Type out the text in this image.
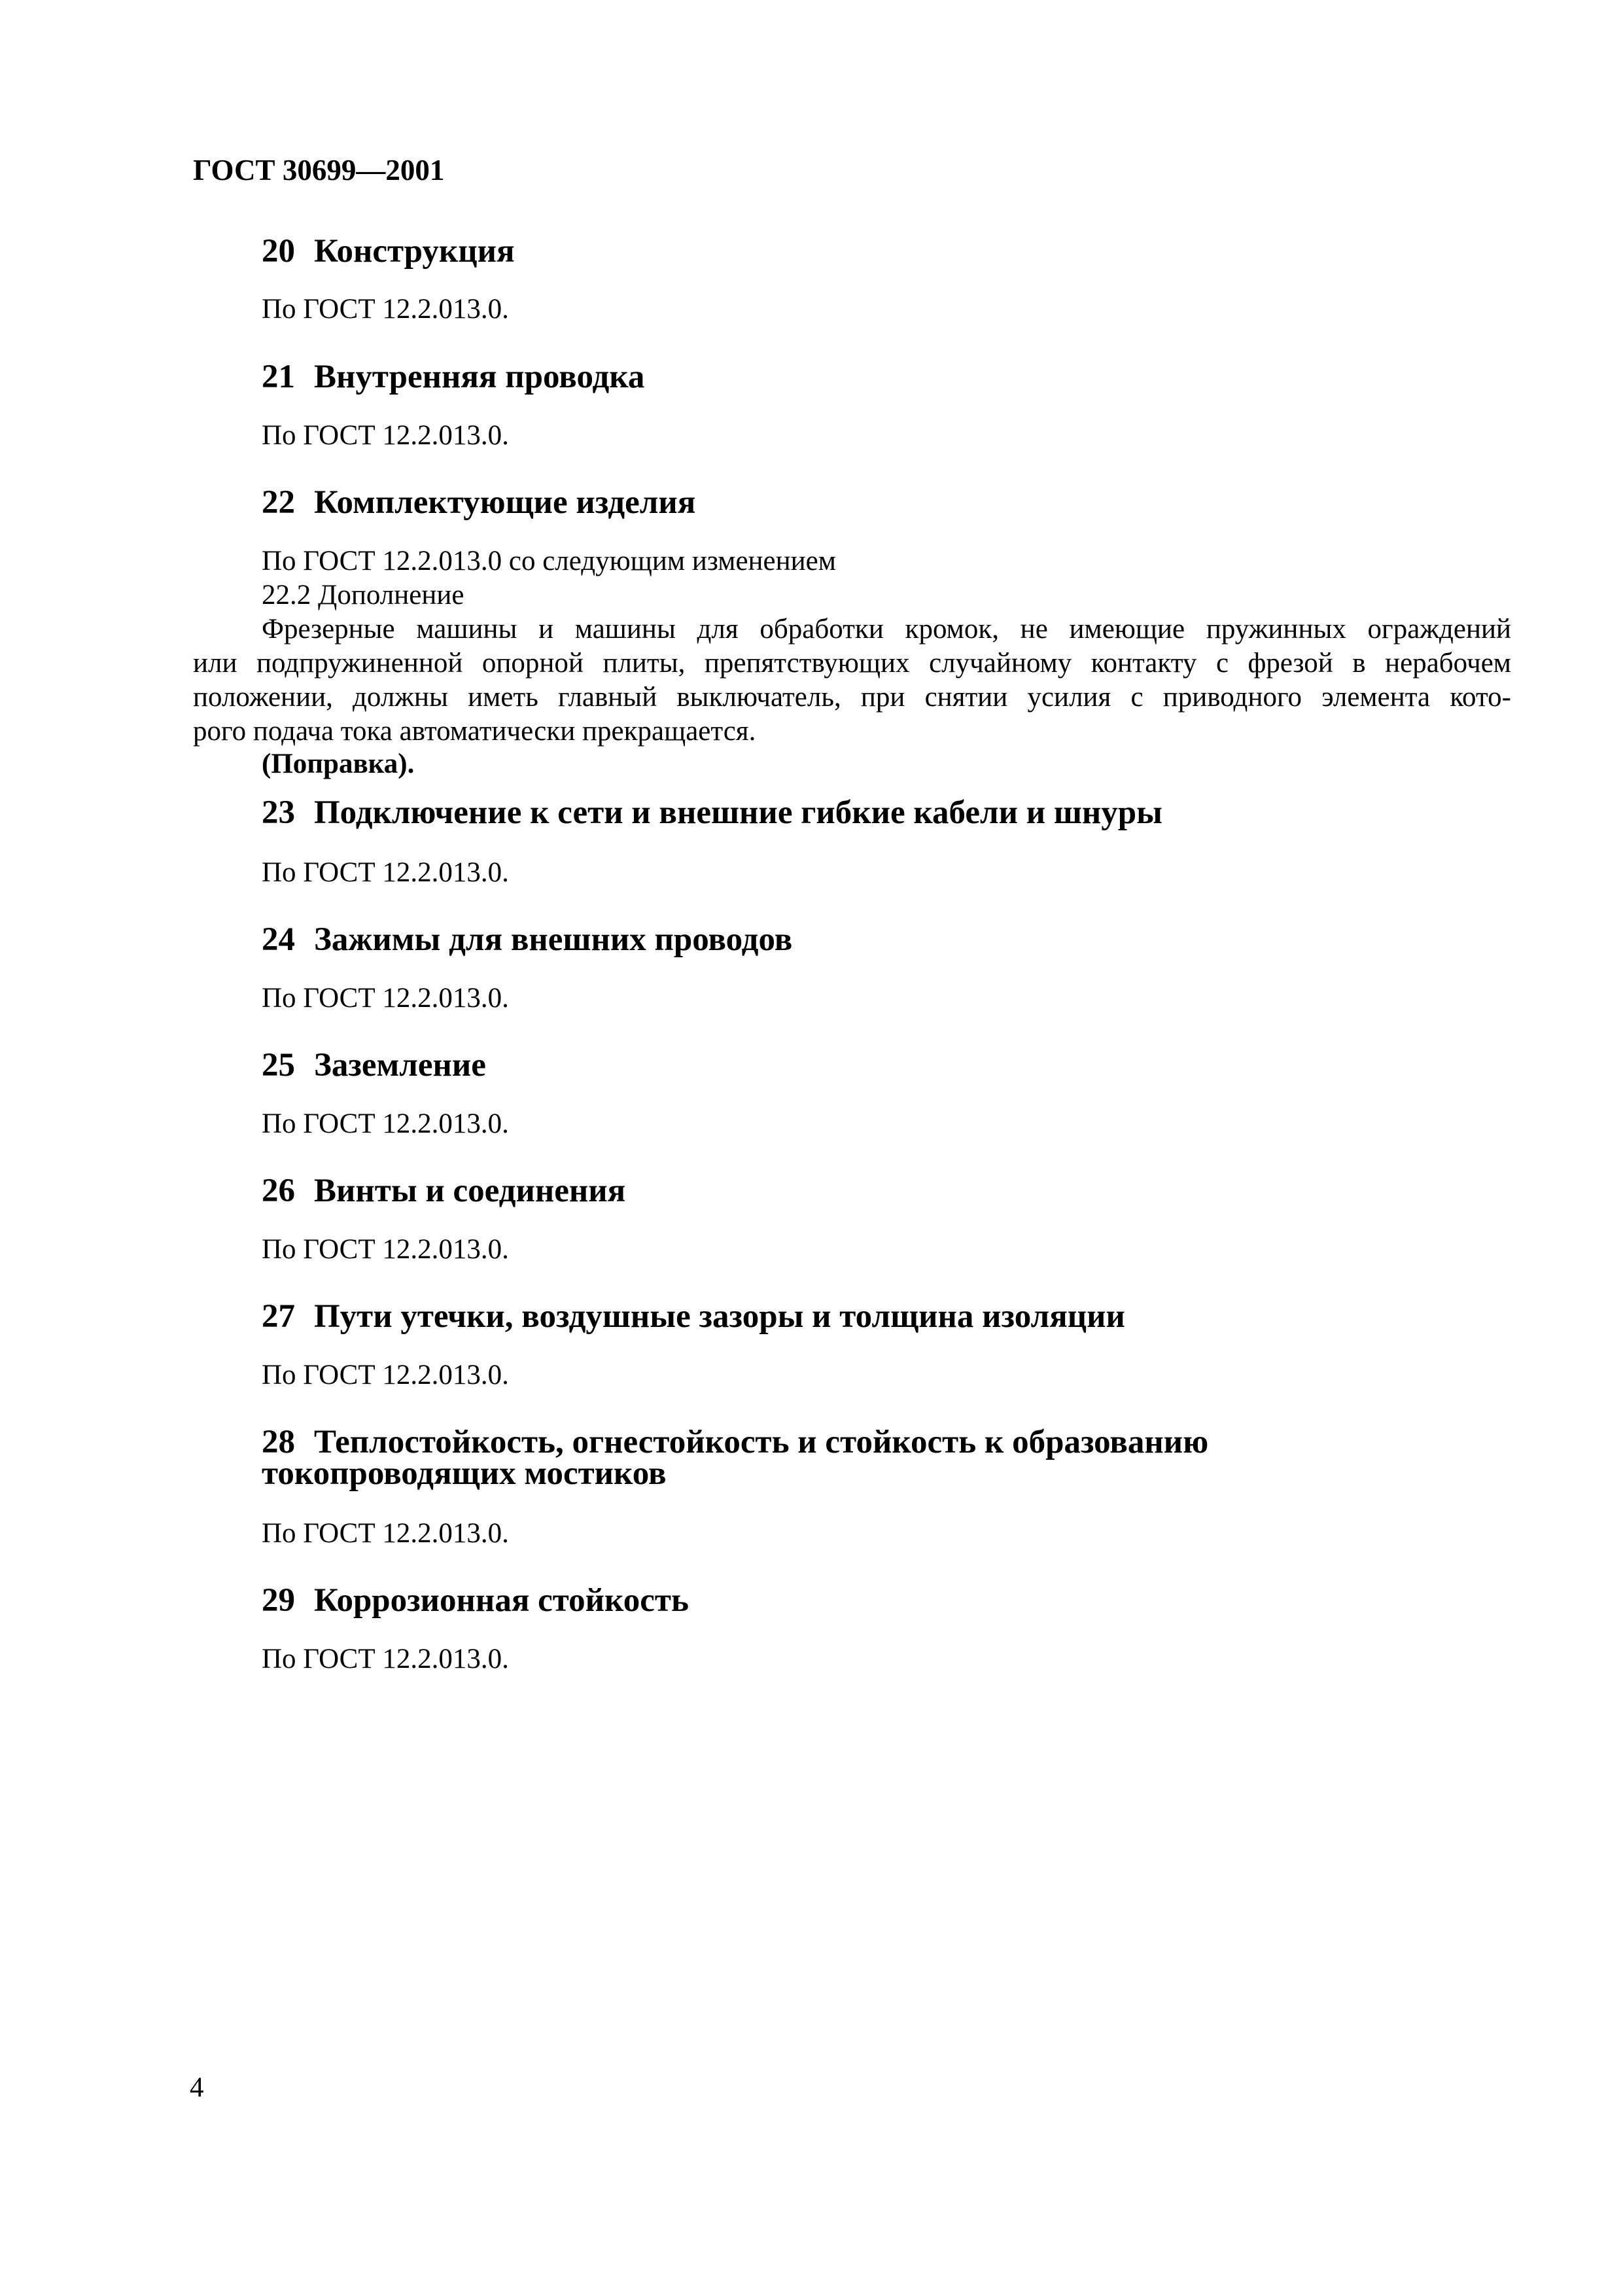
ГОСТ 30699—2001
20 Конструкция
По ГОСТ 12.2.013.0.
21 Внутренняя проводка
По ГОСТ 12.2.013.0.
22 Комплектующие изделия
По ГОСТ 12.2.013.0 со следующим изменением
22.2 Дополнение
Фрезерные машины и машины для обработки кромок, не имеющие пружинных ограждений
или подпружиненной опорной плиты, препятствующих случайному контакту с фрезой в нерабочем
положении, должны иметь главный выключатель, при снятии усилия с приводного элемента кото-
рого подача тока автоматически прекращается.
(Поправка).
23 Подключение к сети и внешние гибкие кабели и шнуры
По ГОСТ 12.2.013.0.
24 Зажимы для внешних проводов
По ГОСТ 12.2.013.0.
25 Заземление
По ГОСТ 12.2.013.0.
26 Винты и соединения
По ГОСТ 12.2.013.0.
27 Пути утечки, воздушные зазоры и толщина изоляции
По ГОСТ 12.2.013.0.
28 Теплостойкость, огнестойкость и стойкость к образованию
токопроводящих мостиков
По ГОСТ 12.2.013.0.
29 Коррозионная стойкость
По ГОСТ 12.2.013.0.
4
